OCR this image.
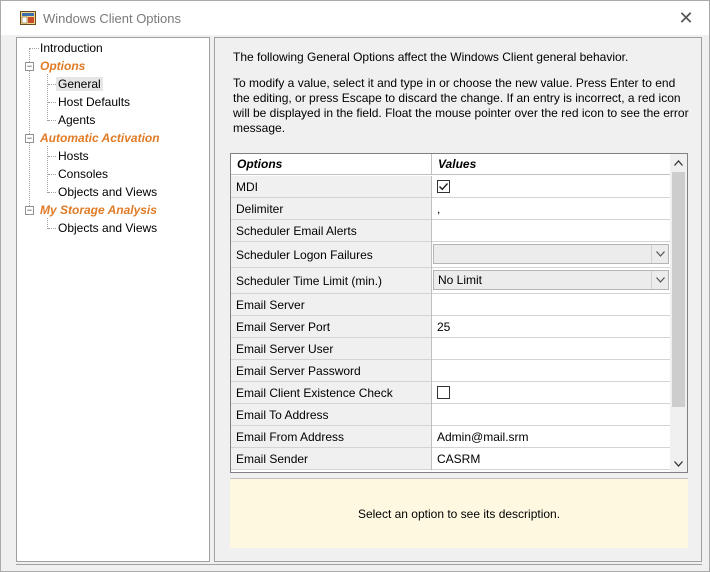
Windows Client Options	✕
Introduction
− Options
General
Host Defaults
Agents
− Automatic Activation
Hosts
Consoles
Objects and Views
− My Storage Analysis
Objects and Views

The following General Options affect the Windows Client general behavior.

To modify a value, select it and type in or choose the new value. Press Enter to end the editing, or press Escape to discard the change. If an entry is incorrect, a red icon will be displayed in the field. Float the mouse pointer over the red icon to see the error message.

Options	Values
MDI
Delimiter	,
Scheduler Email Alerts
Scheduler Logon Failures
Scheduler Time Limit (min.)	No Limit
Email Server
Email Server Port	25
Email Server User
Email Server Password
Email Client Existence Check
Email To Address
Email From Address	Admin@mail.srm
Email Sender	CASRM
Select an option to see its description.
